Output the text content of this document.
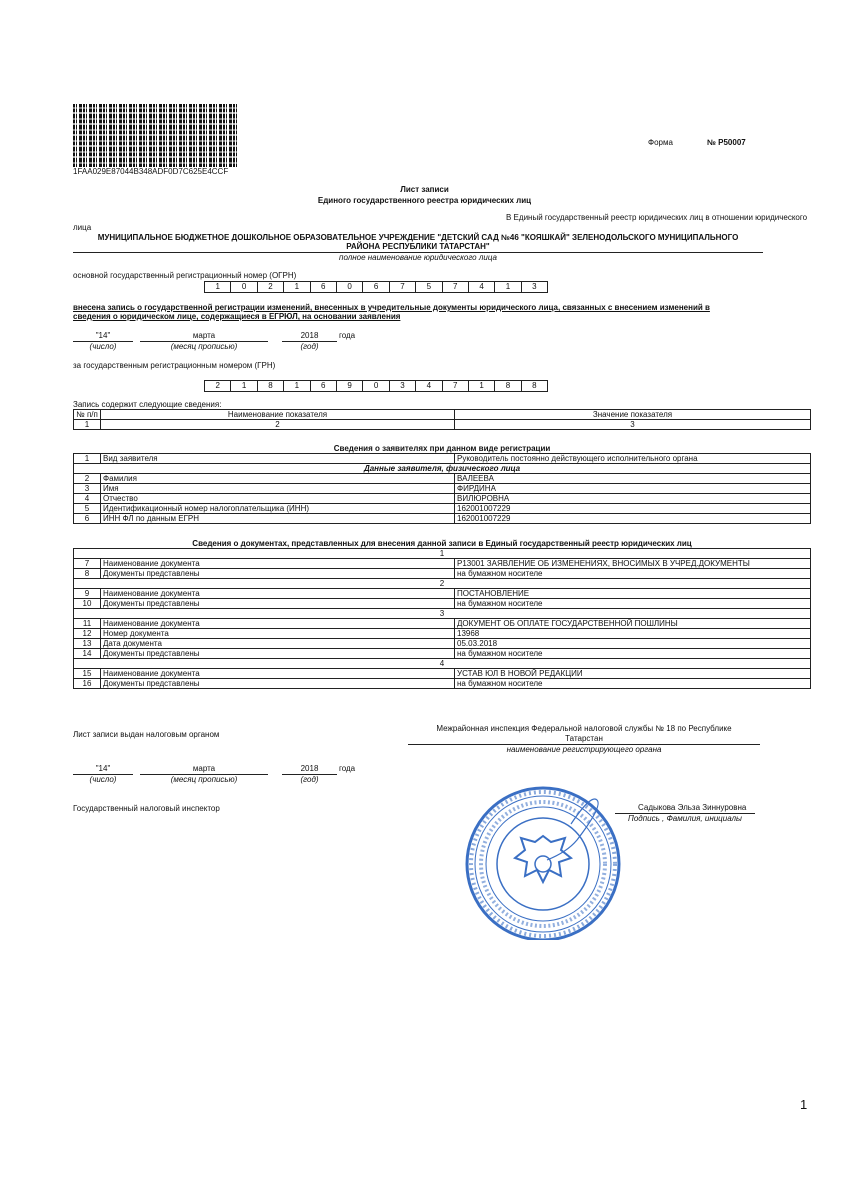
1FAA029E87044B348ADF0D7C625E4CCF
Форма	№ Р50007
Лист записи
Единого государственного реестра юридических лиц
В Единый государственный реестр юридических лиц в отношении юридического
лица
МУНИЦИПАЛЬНОЕ БЮДЖЕТНОЕ ДОШКОЛЬНОЕ ОБРАЗОВАТЕЛЬНОЕ УЧРЕЖДЕНИЕ "ДЕТСКИЙ САД №46 "КОЯШКАЙ" ЗЕЛЕНОДОЛЬСКОГО МУНИЦИПАЛЬНОГО
РАЙОНА РЕСПУБЛИКИ ТАТАРСТАН"
полное наименование юридического лица
основной государственный регистрационный номер (ОГРН)
1	0	2	1	6	0	6	7	5	7	4	1	3
внесена запись о государственной регистрации изменений, внесенных в учредительные документы юридического лица, связанных с внесением изменений в
сведения о юридическом лице, содержащиеся в ЕГРЮЛ, на основании заявления
"14"
(число)
марта
(месяц прописью)
2018
(год)
года
за государственным регистрационным номером (ГРН)
2	1	8	1	6	9	0	3	4	7	1	8	8
Запись содержит следующие сведения:
№ п/п	Наименование показателя	Значение показателя
1	2	3
Сведения о заявителях при данном виде регистрации		
1	Вид заявителя	Руководитель постоянно действующего исполнительного органа
Данные заявителя, физического лица		
2	Фамилия	ВАЛЕЕВА
3	Имя	ФИРДИНА
4	Отчество	ВИЛЮРОВНА
5	Идентификационный номер налогоплательщика (ИНН)	162001007229
6	ИНН ФЛ по данным ЕГРН	162001007229
Сведения о документах, представленных для внесения данной записи в Единый государственный реестр юридических лиц		
1		
7	Наименование документа	Р13001 ЗАЯВЛЕНИЕ ОБ ИЗМЕНЕНИЯХ, ВНОСИМЫХ В УЧРЕД.ДОКУМЕНТЫ
8	Документы представлены	на бумажном носителе
2		
9	Наименование документа	ПОСТАНОВЛЕНИЕ
10	Документы представлены	на бумажном носителе
3		
11	Наименование документа	ДОКУМЕНТ ОБ ОПЛАТЕ ГОСУДАРСТВЕННОЙ ПОШЛИНЫ
12	Номер документа	13968
13	Дата документа	05.03.2018
14	Документы представлены	на бумажном носителе
4		
15	Наименование документа	УСТАВ ЮЛ В НОВОЙ РЕДАКЦИИ
16	Документы представлены	на бумажном носителе
Лист записи выдан налоговым органом
Межрайонная инспекция Федеральной налоговой службы № 18 по Республике
Татарстан
наименование регистрирующего органа
"14"
(число)
марта
(месяц прописью)
2018
(год)
года
Государственный налоговый инспектор	Садыкова Эльза Зиннуровна
Подпись , Фамилия, инициалы
1
